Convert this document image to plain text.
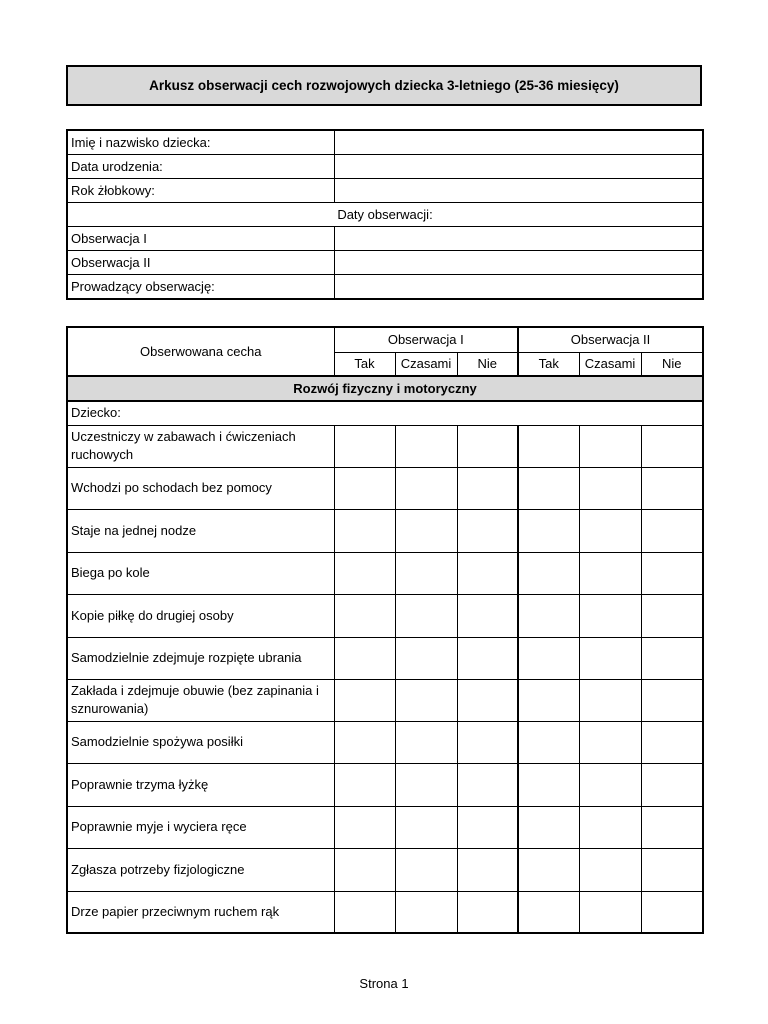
Arkusz obserwacji cech rozwojowych dziecka 3-letniego (25-36 miesięcy)
Imię i nazwisko dziecka:	
Data urodzenia:	
Rok żłobkowy:	
Daty obserwacji:	
Obserwacja I	
Obserwacja II	
Prowadzący obserwację:	
Obserwowana cecha	Obserwacja I			Obserwacja II		
	Tak	Czasami	Nie	Tak	Czasami	Nie
Rozwój fizyczny i motoryczny						
Dziecko:						
Uczestniczy w zabawach i ćwiczeniach ruchowych						
Wchodzi po schodach bez pomocy						
Staje na jednej nodze						
Biega po kole						
Kopie piłkę do drugiej osoby						
Samodzielnie zdejmuje rozpięte ubrania						
Zakłada i zdejmuje obuwie (bez zapinania i sznurowania)						
Samodzielnie spożywa posiłki						
Poprawnie trzyma łyżkę						
Poprawnie myje i wyciera ręce						
Zgłasza potrzeby fizjologiczne						
Drze papier przeciwnym ruchem rąk						
Strona 1
